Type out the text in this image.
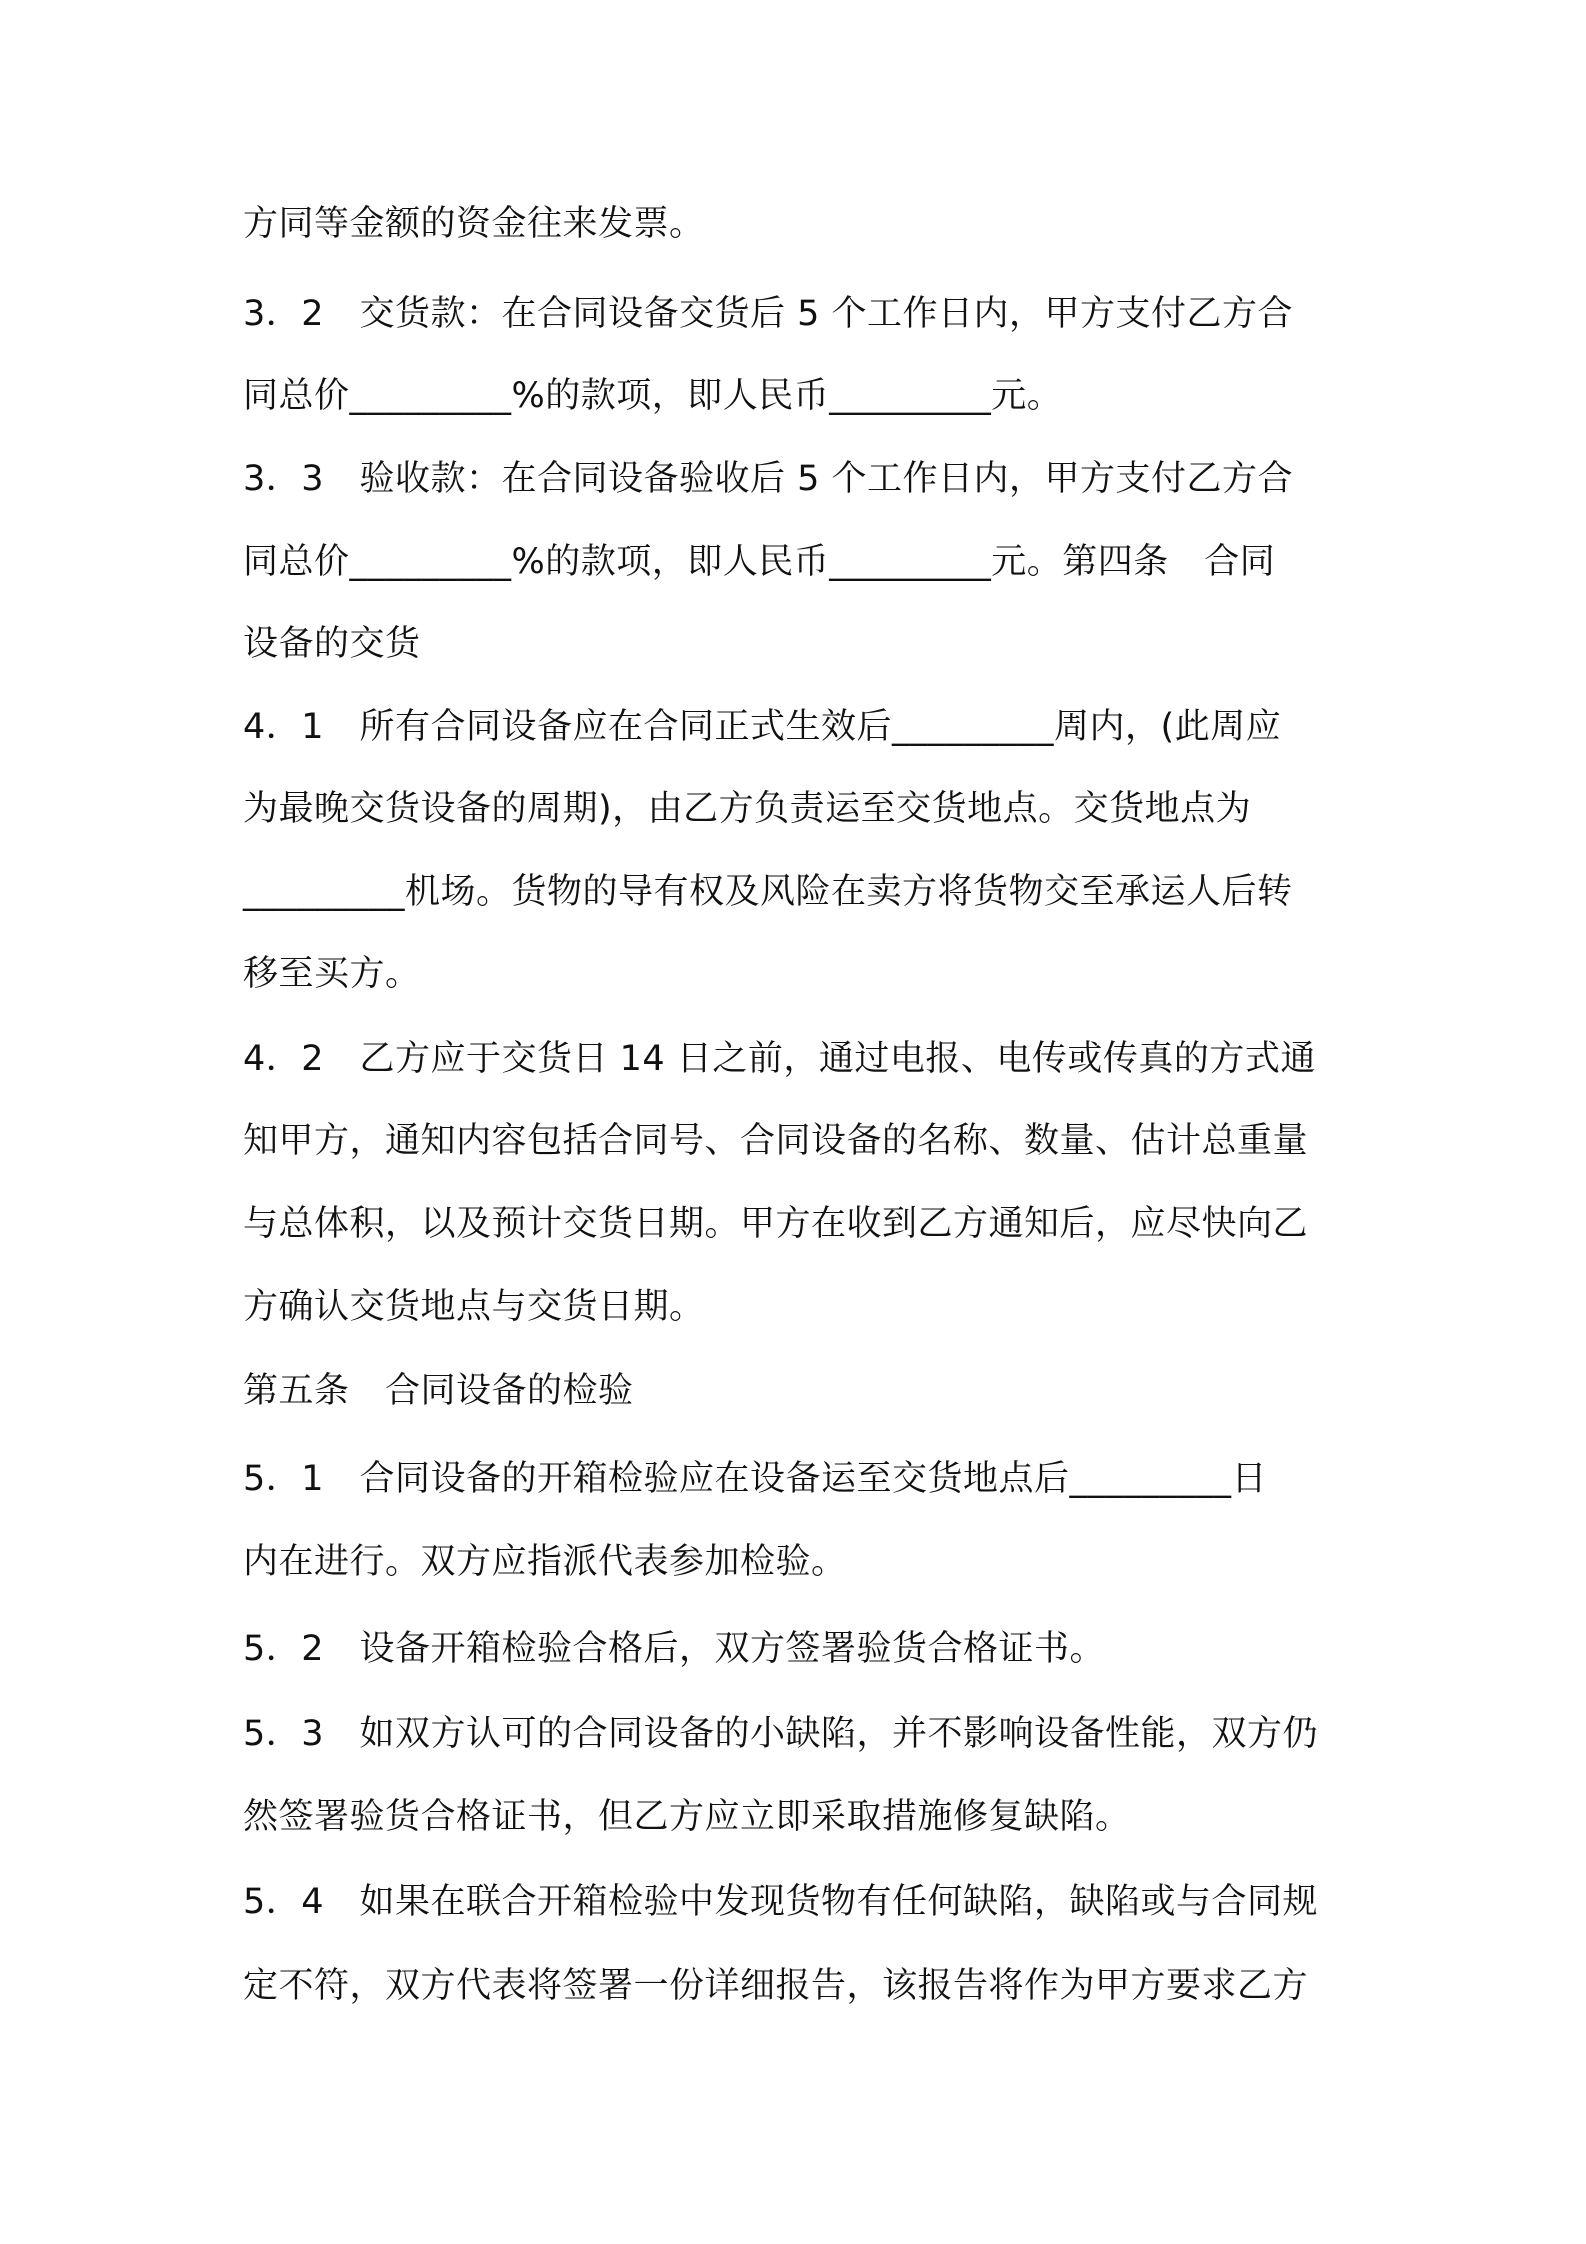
方同等金额的资金往来发票。
3．2　交货款：在合同设备交货后 5 个工作日内，甲方支付乙方合
同总价_________%的款项，即人民币_________元。
3．3　验收款：在合同设备验收后 5 个工作日内，甲方支付乙方合
同总价_________%的款项，即人民币_________元。第四条　合同
设备的交货
4．1　所有合同设备应在合同正式生效后_________周内，(此周应
为最晚交货设备的周期)，由乙方负责运至交货地点。交货地点为
_________机场。货物的导有权及风险在卖方将货物交至承运人后转
移至买方。
4．2　乙方应于交货日 14 日之前，通过电报、电传或传真的方式通
知甲方，通知内容包括合同号、合同设备的名称、数量、估计总重量
与总体积，以及预计交货日期。甲方在收到乙方通知后，应尽快向乙
方确认交货地点与交货日期。
第五条　合同设备的检验
5．1　合同设备的开箱检验应在设备运至交货地点后_________日
内在进行。双方应指派代表参加检验。
5．2　设备开箱检验合格后，双方签署验货合格证书。
5．3　如双方认可的合同设备的小缺陷，并不影响设备性能，双方仍
然签署验货合格证书，但乙方应立即采取措施修复缺陷。
5．4　如果在联合开箱检验中发现货物有任何缺陷，缺陷或与合同规
定不符，双方代表将签署一份详细报告，该报告将作为甲方要求乙方
